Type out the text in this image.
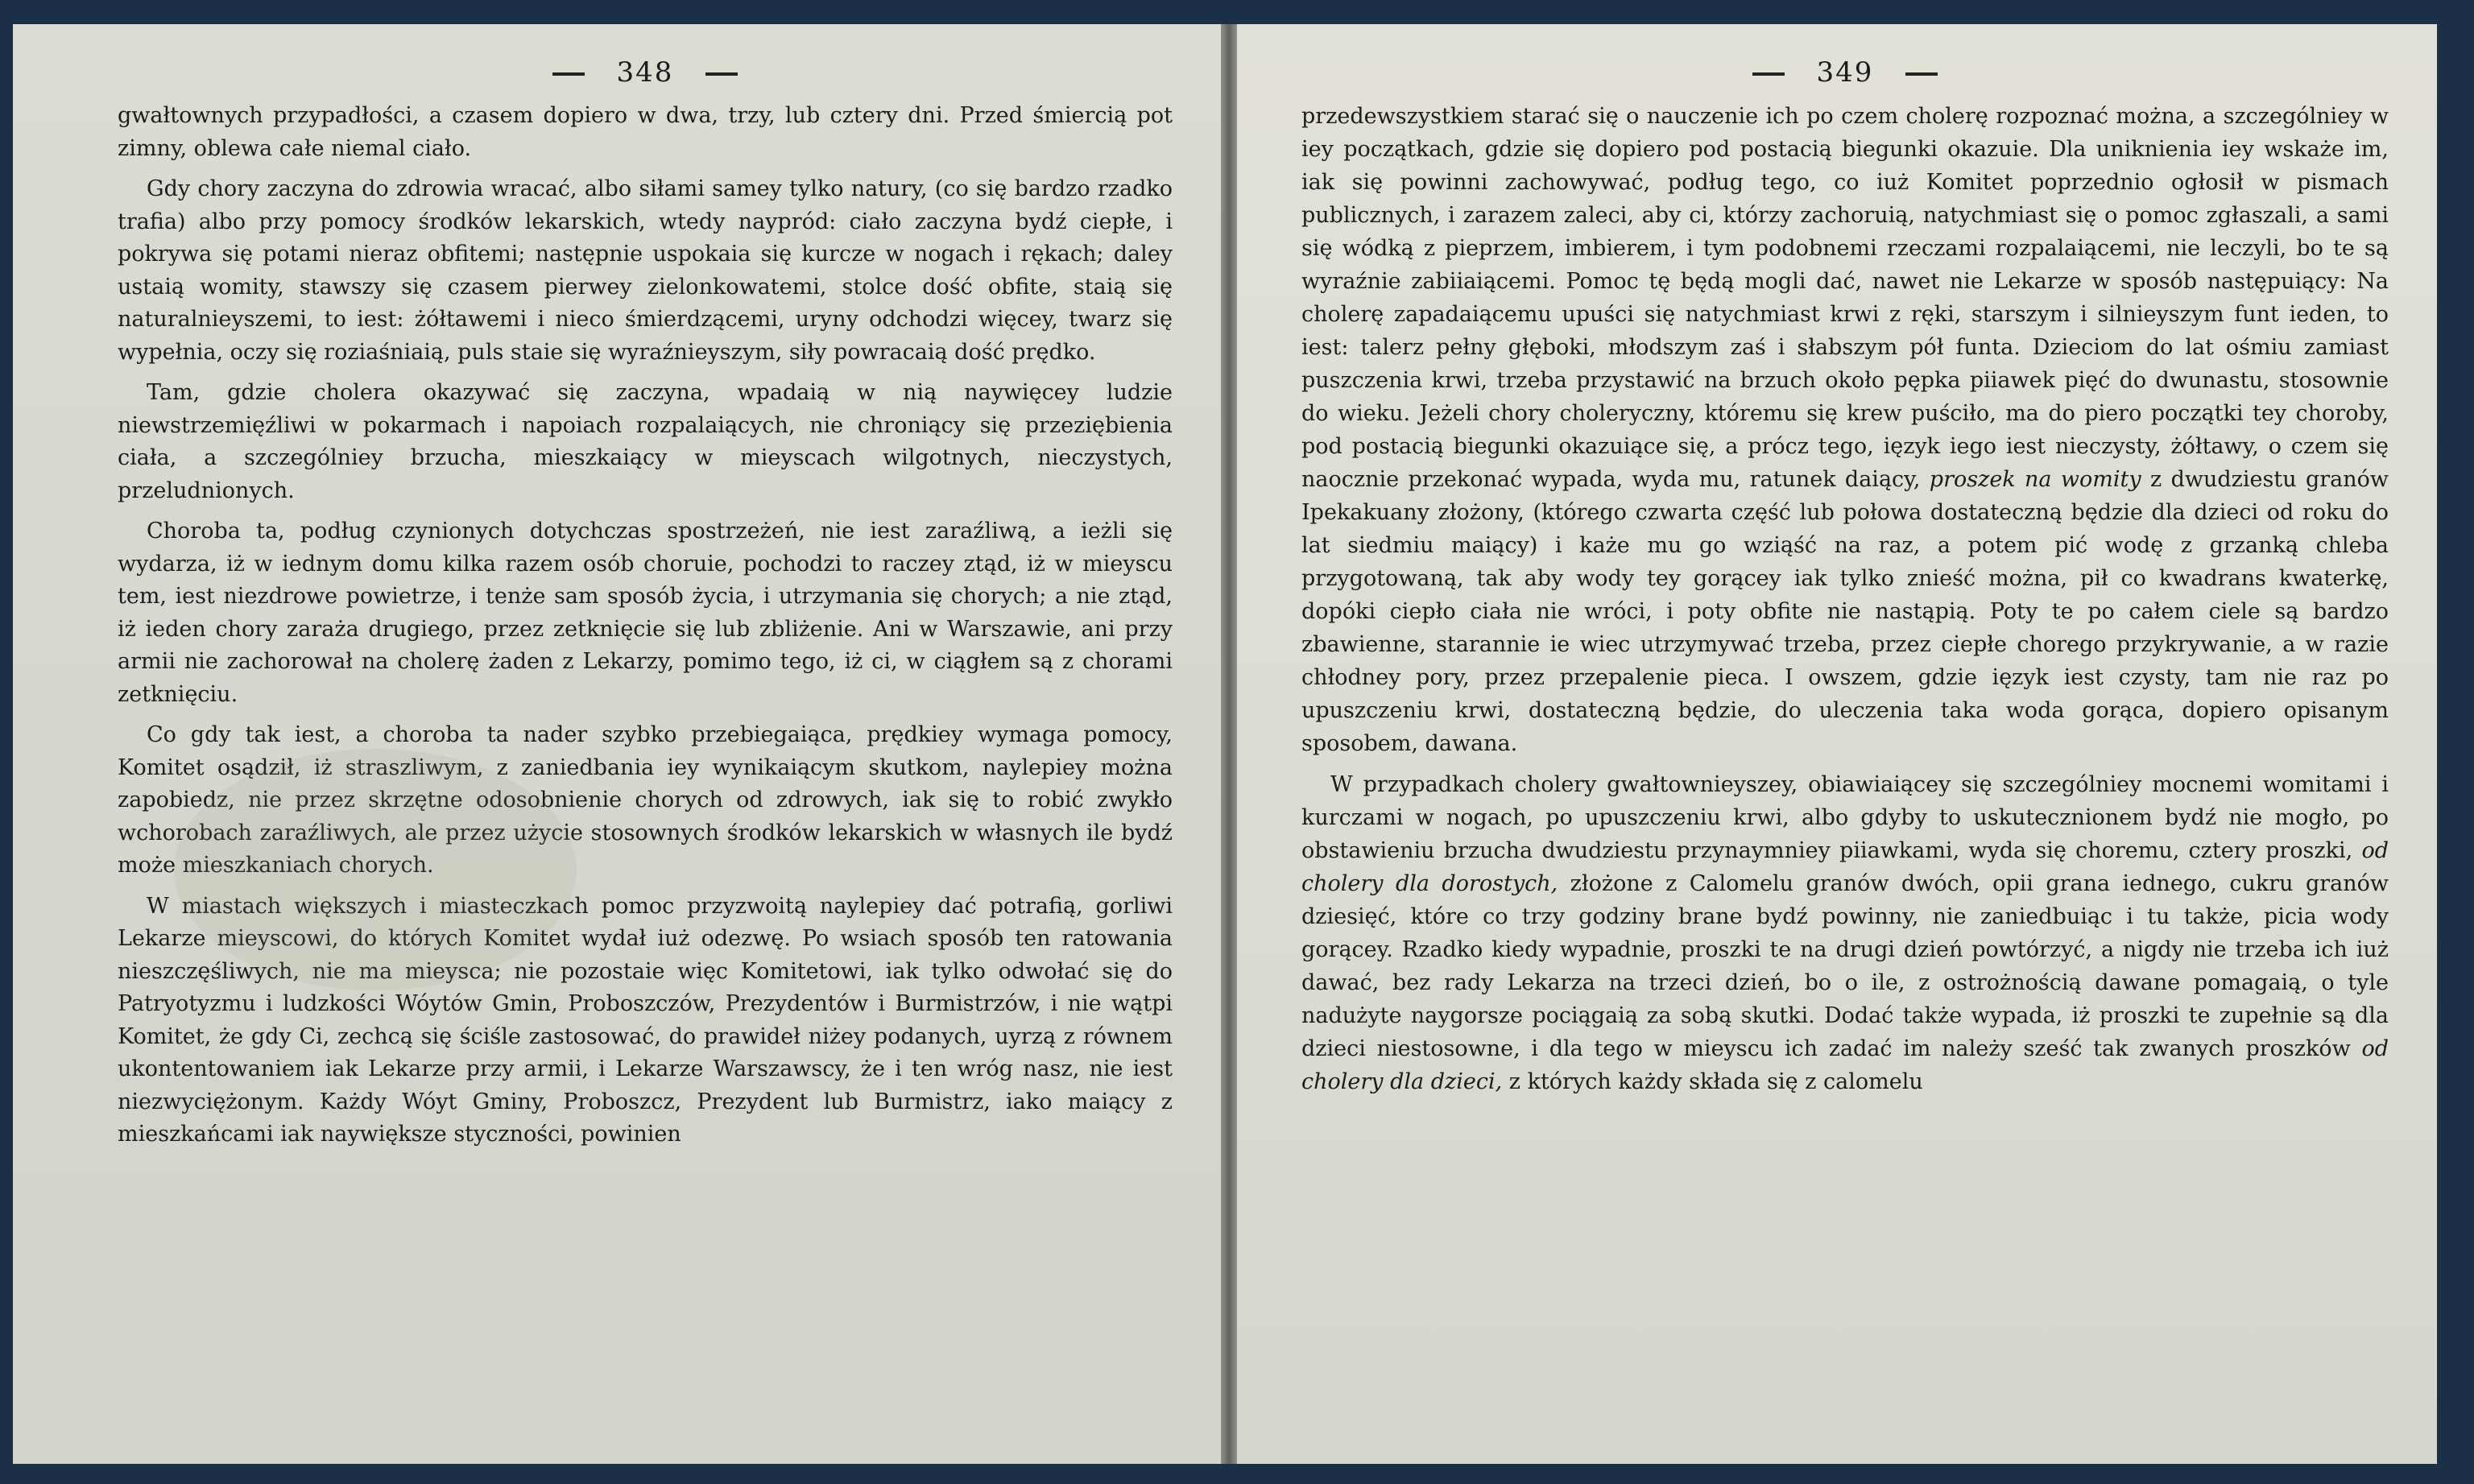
348

gwałtownych przypadłości, a czasem dopiero w dwa, trzy, lub cztery dni. Przed śmiercią pot zimny, oblewa całe niemal ciało.

Gdy chory zaczyna do zdrowia wracać, albo siłami samey tylko natury, (co się bardzo rzadko trafia) albo przy pomocy środków lekarskich, wtedy naypród: ciało zaczyna bydź ciepłe, i pokrywa się potami nieraz obfitemi; następnie uspokaia się kurcze w nogach i rękach; daley ustaią womity, stawszy się czasem pierwey zielonkowatemi, stolce dość obfite, staią się naturalnieyszemi, to iest: żółtawemi i nieco śmierdzącemi, uryny odchodzi więcey, twarz się wypełnia, oczy się roziaśniaią, puls staie się wyraźnieyszym, siły powracaią dość prędko.

Tam, gdzie cholera okazywać się zaczyna, wpadaią w nią naywięcey ludzie niewstrzemięźliwi w pokarmach i napoiach rozpalaiących, nie chroniący się przeziębienia ciała, a szczególniey brzucha, mieszkaiący w mieyscach wilgotnych, nieczystych, przeludnionych.

Choroba ta, podług czynionych dotychczas spostrzeżeń, nie iest zaraźliwą, a ieżli się wydarza, iż w iednym domu kilka razem osób choruie, pochodzi to raczey ztąd, iż w mieyscu tem, iest niezdrowe powietrze, i tenże sam sposób życia, i utrzymania się chorych; a nie ztąd, iż ieden chory zaraża drugiego, przez zetknięcie się lub zbliżenie. Ani w Warszawie, ani przy armii nie zachorował na cholerę żaden z Lekarzy, pomimo tego, iż ci, w ciągłem są z chorami zetknięciu.

Co gdy tak iest, a choroba ta nader szybko przebiegaiąca, prędkiey wymaga pomocy, Komitet osądził, iż straszliwym, z zaniedbania iey wynikaiącym skutkom, naylepiey można zapobiedz, nie przez skrzętne odosobnienie chorych od zdrowych, iak się to robić zwykło wchorobach zaraźliwych, ale przez użycie stosownych środków lekarskich w własnych ile bydź może mieszkaniach chorych.

W miastach większych i miasteczkach pomoc przyzwoitą naylepiey dać potrafią, gorliwi Lekarze mieyscowi, do których Komitet wydał iuż odezwę. Po wsiach sposób ten ratowania nieszczęśliwych, nie ma mieysca; nie pozostaie więc Komitetowi, iak tylko odwołać się do Patryotyzmu i ludzkości Wóytów Gmin, Proboszczów, Prezydentów i Burmistrzów, i nie wątpi Komitet, że gdy Ci, zechcą się ściśle zastosować, do prawideł niżey podanych, uyrzą z równem ukontentowaniem iak Lekarze przy armii, i Lekarze Warszawscy, że i ten wróg nasz, nie iest niezwyciężonym. Każdy Wóyt Gminy, Proboszcz, Prezydent lub Burmistrz, iako maiący z mieszkańcami iak naywiększe styczności, powinien

349

przedewszystkiem starać się o nauczenie ich po czem cholerę rozpoznać można, a szczególniey w iey początkach, gdzie się dopiero pod postacią biegunki okazuie. Dla uniknienia iey wskaże im, iak się powinni zachowywać, podług tego, co iuż Komitet poprzednio ogłosił w pismach publicznych, i zarazem zaleci, aby ci, którzy zachoruią, natychmiast się o pomoc zgłaszali, a sami się wódką z pieprzem, imbierem, i tym podobnemi rzeczami rozpalaiącemi, nie leczyli, bo te są wyraźnie zabiiaiącemi. Pomoc tę będą mogli dać, nawet nie Lekarze w sposób następuiący: Na cholerę zapadaiącemu upuści się natychmiast krwi z ręki, starszym i silnieyszym funt ieden, to iest: talerz pełny głęboki, młodszym zaś i słabszym pół funta. Dzieciom do lat ośmiu zamiast puszczenia krwi, trzeba przystawić na brzuch około pępka piiawek pięć do dwunastu, stosownie do wieku. Jeżeli chory choleryczny, któremu się krew puściło, ma do piero początki tey choroby, pod postacią biegunki okazuiące się, a prócz tego, ięzyk iego iest nieczysty, żółtawy, o czem się naocznie przekonać wypada, wyda mu, ratunek daiący, proszek na womity z dwudziestu granów Ipekakuany złożony, (którego czwarta część lub połowa dostateczną będzie dla dzieci od roku do lat siedmiu maiący) i każe mu go wziąść na raz, a potem pić wodę z grzanką chleba przygotowaną, tak aby wody tey gorącey iak tylko znieść można, pił co kwadrans kwaterkę, dopóki ciepło ciała nie wróci, i poty obfite nie nastąpią. Poty te po całem ciele są bardzo zbawienne, starannie ie wiec utrzymywać trzeba, przez ciepłe chorego przykrywanie, a w razie chłodney pory, przez przepalenie pieca. I owszem, gdzie ięzyk iest czysty, tam nie raz po upuszczeniu krwi, dostateczną będzie, do uleczenia taka woda gorąca, dopiero opisanym sposobem, dawana.

W przypadkach cholery gwałtownieyszey, obiawiaiącey się szczególniey mocnemi womitami i kurczami w nogach, po upuszczeniu krwi, albo gdyby to uskutecznionem bydź nie mogło, po obstawieniu brzucha dwudziestu przynaymniey piiawkami, wyda się choremu, cztery proszki, od cholery dla dorostych, złożone z Calomelu granów dwóch, opii grana iednego, cukru granów dziesięć, które co trzy godziny brane bydź powinny, nie zaniedbuiąc i tu także, picia wody gorącey. Rzadko kiedy wypadnie, proszki te na drugi dzień powtórzyć, a nigdy nie trzeba ich iuż dawać, bez rady Lekarza na trzeci dzień, bo o ile, z ostrożnością dawane pomagaią, o tyle nadużyte naygorsze pociągaią za sobą skutki. Dodać także wypada, iż proszki te zupełnie są dla dzieci niestosowne, i dla tego w mieyscu ich zadać im należy sześć tak zwanych proszków od cholery dla dzieci, z których każdy składa się z calomelu
